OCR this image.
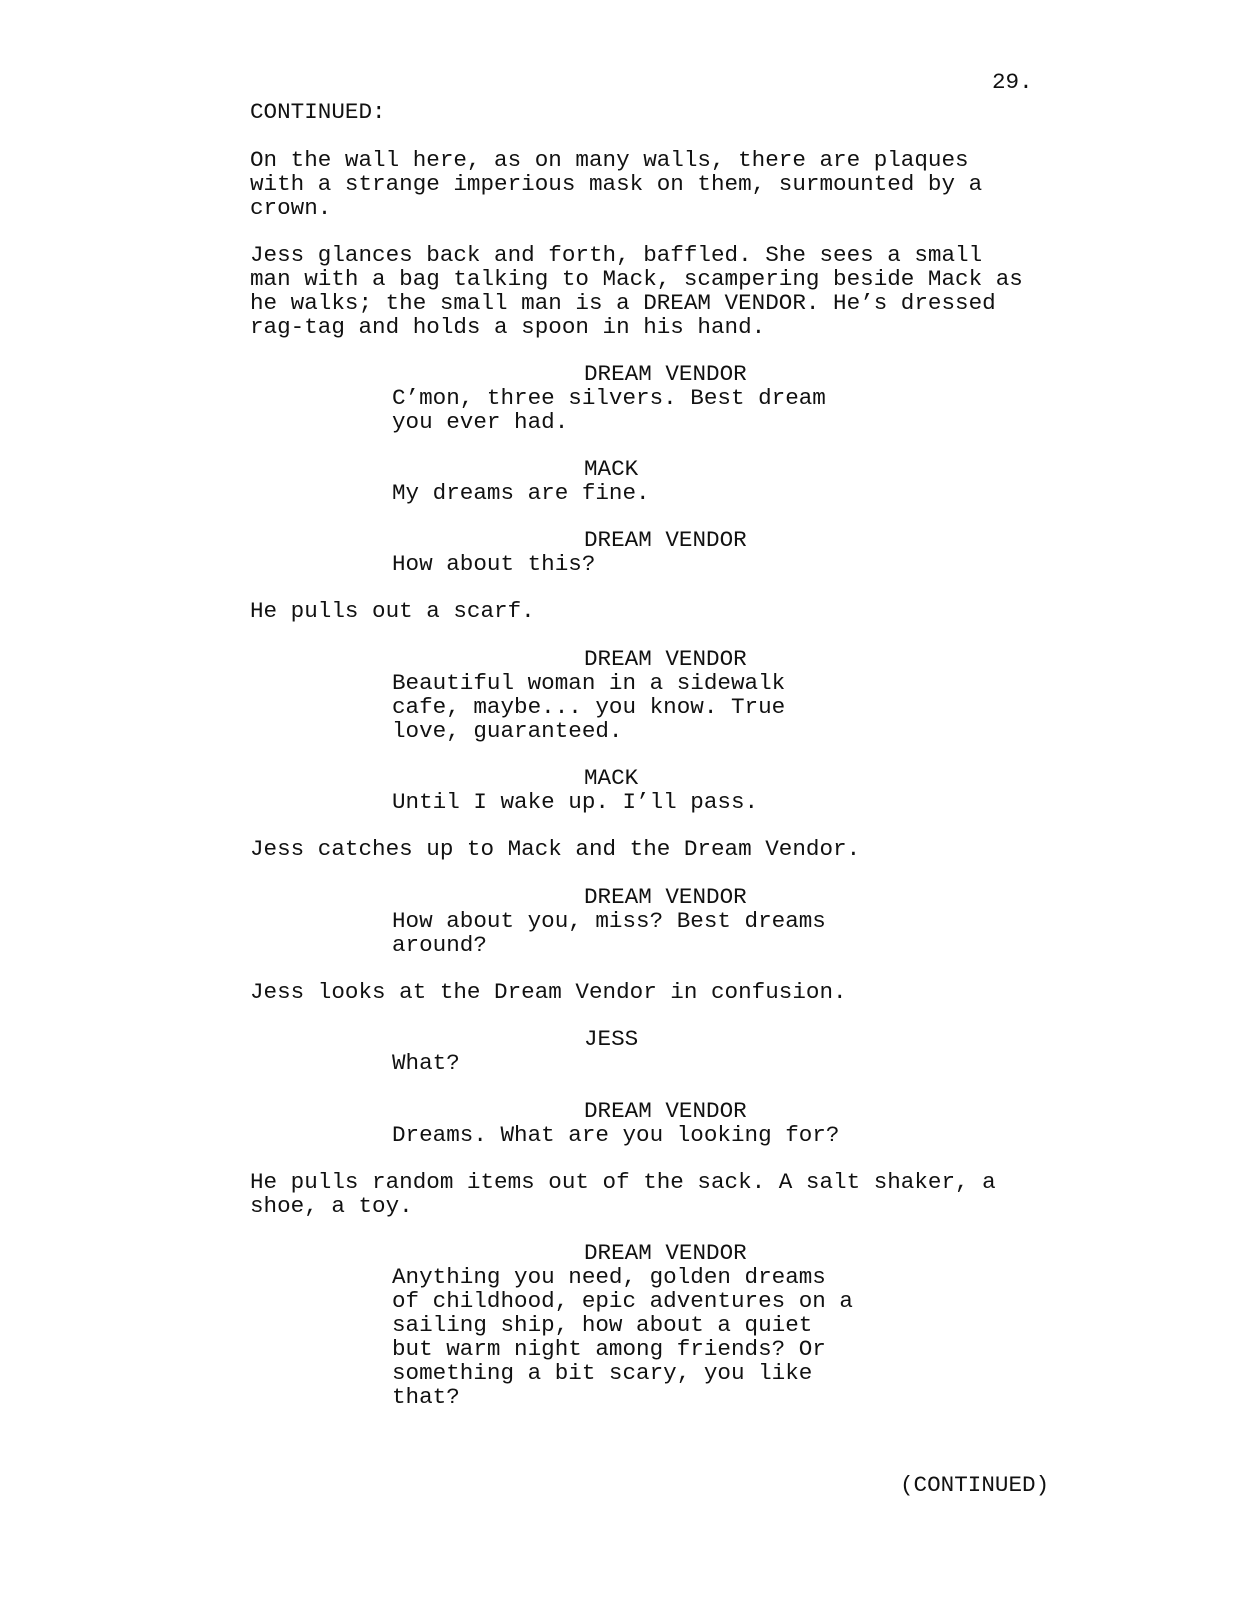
29.
CONTINUED:
On the wall here, as on many walls, there are plaques
with a strange imperious mask on them, surmounted by a
crown.
Jess glances back and forth, baffled. She sees a small
man with a bag talking to Mack, scampering beside Mack as
he walks; the small man is a DREAM VENDOR. He’s dressed
rag-tag and holds a spoon in his hand.
DREAM VENDOR
C’mon, three silvers. Best dream
you ever had.
MACK
My dreams are fine.
DREAM VENDOR
How about this?
He pulls out a scarf.
DREAM VENDOR
Beautiful woman in a sidewalk
cafe, maybe... you know. True
love, guaranteed.
MACK
Until I wake up. I’ll pass.
Jess catches up to Mack and the Dream Vendor.
DREAM VENDOR
How about you, miss? Best dreams
around?
Jess looks at the Dream Vendor in confusion.
JESS
What?
DREAM VENDOR
Dreams. What are you looking for?
He pulls random items out of the sack. A salt shaker, a
shoe, a toy.
DREAM VENDOR
Anything you need, golden dreams
of childhood, epic adventures on a
sailing ship, how about a quiet
but warm night among friends? Or
something a bit scary, you like
that?
(CONTINUED)
